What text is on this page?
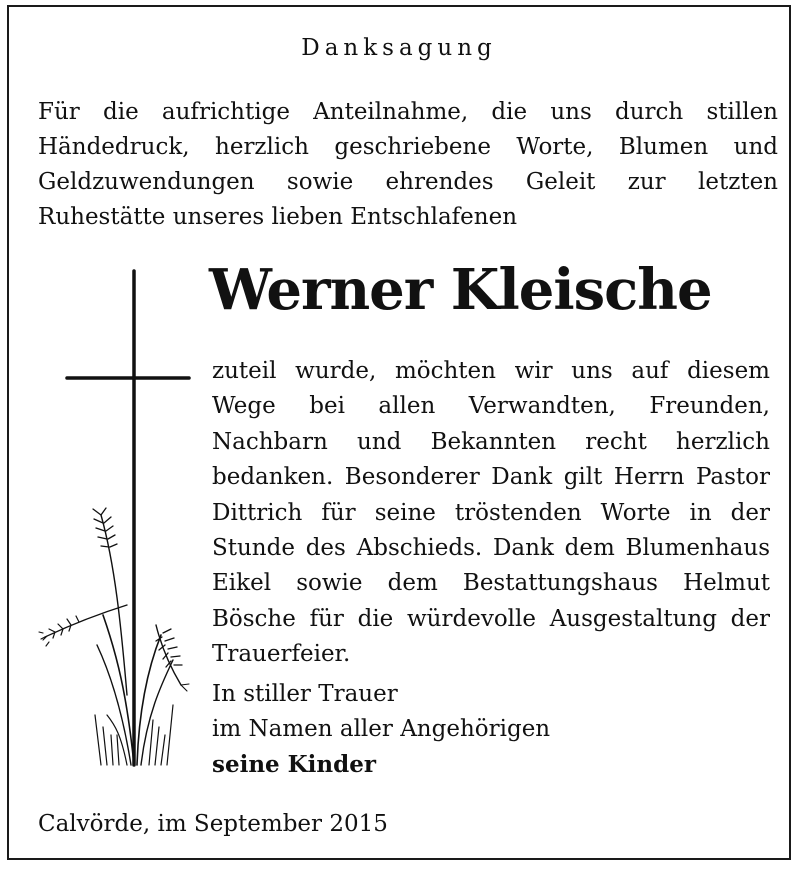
Danksagung
Für die aufrichtige Anteilnahme, die uns durch stillen Händedruck, herzlich geschriebene Worte, Blumen und Geldzuwendungen sowie ehrendes Geleit zur letzten Ruhestätte unseres lieben Entschlafenen
Werner Kleische
zuteil wurde, möchten wir uns auf diesem Wege bei allen Verwandten, Freunden, Nachbarn und Bekannten recht herzlich bedanken. Besonderer Dank gilt Herrn Pastor Dittrich für seine tröstenden Worte in der Stunde des Abschieds. Dank dem Blumenhaus Eikel sowie dem Bestattungshaus Helmut Bösche für die würdevolle Ausgestaltung der Trauerfeier.
In stiller Trauer
im Namen aller Angehörigen
seine Kinder
Calvörde, im September 2015
